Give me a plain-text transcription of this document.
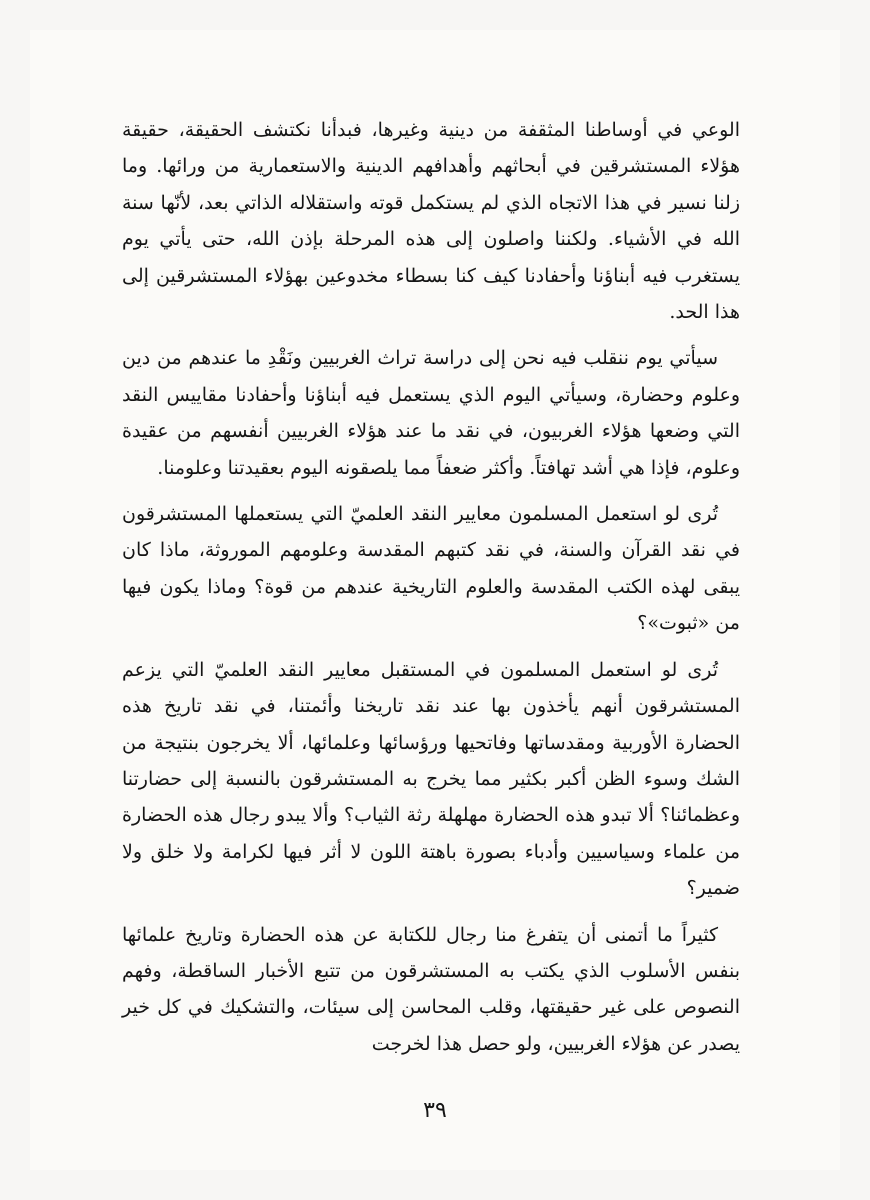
الوعي في أوساطنا المثقفة من دينية وغيرها، فبدأنا نكتشف الحقيقة، حقيقة هؤلاء المستشرقين في أبحاثهم وأهدافهم الدينية والاستعمارية من ورائها. وما زلنا نسير في هذا الاتجاه الذي لم يستكمل قوته واستقلاله الذاتي بعد، لأنّها سنة الله في الأشياء. ولكننا واصلون إلى هذه المرحلة بإذن الله، حتى يأتي يوم يستغرب فيه أبناؤنا وأحفادنا كيف كنا بسطاء مخدوعين بهؤلاء المستشرقين إلى هذا الحد.

سيأتي يوم ننقلب فيه نحن إلى دراسة تراث الغربيين ونَقْدِ ما عندهم من دين وعلوم وحضارة، وسيأتي اليوم الذي يستعمل فيه أبناؤنا وأحفادنا مقاييس النقد التي وضعها هؤلاء الغربيون، في نقد ما عند هؤلاء الغربيين أنفسهم من عقيدة وعلوم، فإذا هي أشد تهافتاً. وأكثر ضعفاً مما يلصقونه اليوم بعقيدتنا وعلومنا.

تُرى لو استعمل المسلمون معايير النقد العلميّ التي يستعملها المستشرقون في نقد القرآن والسنة، في نقد كتبهم المقدسة وعلومهم الموروثة، ماذا كان يبقى لهذه الكتب المقدسة والعلوم التاريخية عندهم من قوة؟ وماذا يكون فيها من «ثبوت»؟

تُرى لو استعمل المسلمون في المستقبل معايير النقد العلميّ التي يزعم المستشرقون أنهم يأخذون بها عند نقد تاريخنا وأئمتنا، في نقد تاريخ هذه الحضارة الأوربية ومقدساتها وفاتحيها ورؤسائها وعلمائها، ألا يخرجون بنتيجة من الشك وسوء الظن أكبر بكثير مما يخرج به المستشرقون بالنسبة إلى حضارتنا وعظمائنا؟ ألا تبدو هذه الحضارة مهلهلة رثة الثياب؟ وألا يبدو رجال هذه الحضارة من علماء وسياسيين وأدباء بصورة باهتة اللون لا أثر فيها لكرامة ولا خلق ولا ضمير؟

كثيراً ما أتمنى أن يتفرغ منا رجال للكتابة عن هذه الحضارة وتاريخ علمائها بنفس الأسلوب الذي يكتب به المستشرقون من تتبع الأخبار الساقطة، وفهم النصوص على غير حقيقتها، وقلب المحاسن إلى سيئات، والتشكيك في كل خير يصدر عن هؤلاء الغربيين، ولو حصل هذا لخرجت

٣٩
